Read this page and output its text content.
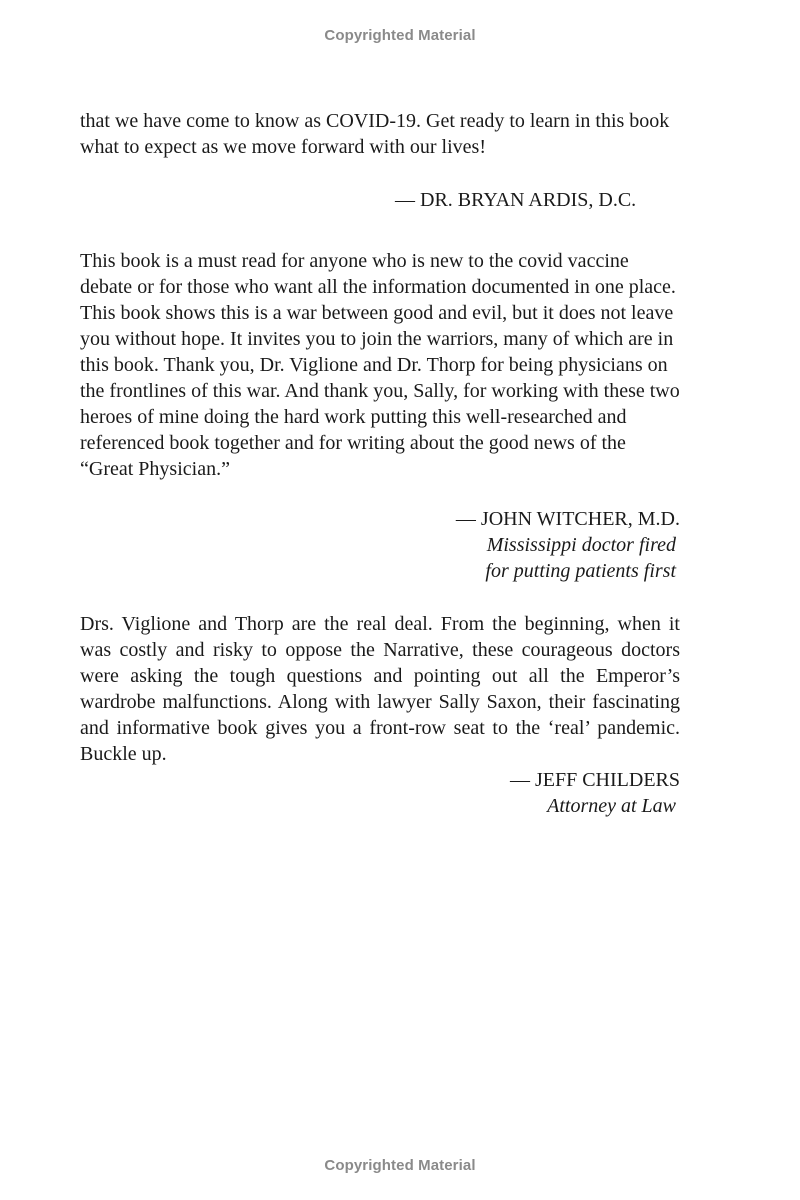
Copyrighted Material

that we have come to know as COVID-19. Get ready to learn in this book what to expect as we move forward with our lives!

— DR. BRYAN ARDIS, D.C.

This book is a must read for anyone who is new to the covid vaccine debate or for those who want all the information documented in one place. This book shows this is a war between good and evil, but it does not leave you without hope. It invites you to join the warriors, many of which are in this book. Thank you, Dr. Viglione and Dr. Thorp for being physicians on the frontlines of this war. And thank you, Sally, for working with these two heroes of mine doing the hard work putting this well-researched and referenced book together and for writing about the good news of the “Great Physician.”

— JOHN WITCHER, M.D.
Mississippi doctor fired
for putting patients first

Drs. Viglione and Thorp are the real deal. From the beginning, when it was costly and risky to oppose the Narrative, these courageous doctors were asking the tough questions and pointing out all the Emperor’s wardrobe malfunctions. Along with lawyer Sally Saxon, their fascinating and informative book gives you a front-row seat to the ‘real’ pandemic. Buckle up.

— JEFF CHILDERS
Attorney at Law
Copyrighted Material
